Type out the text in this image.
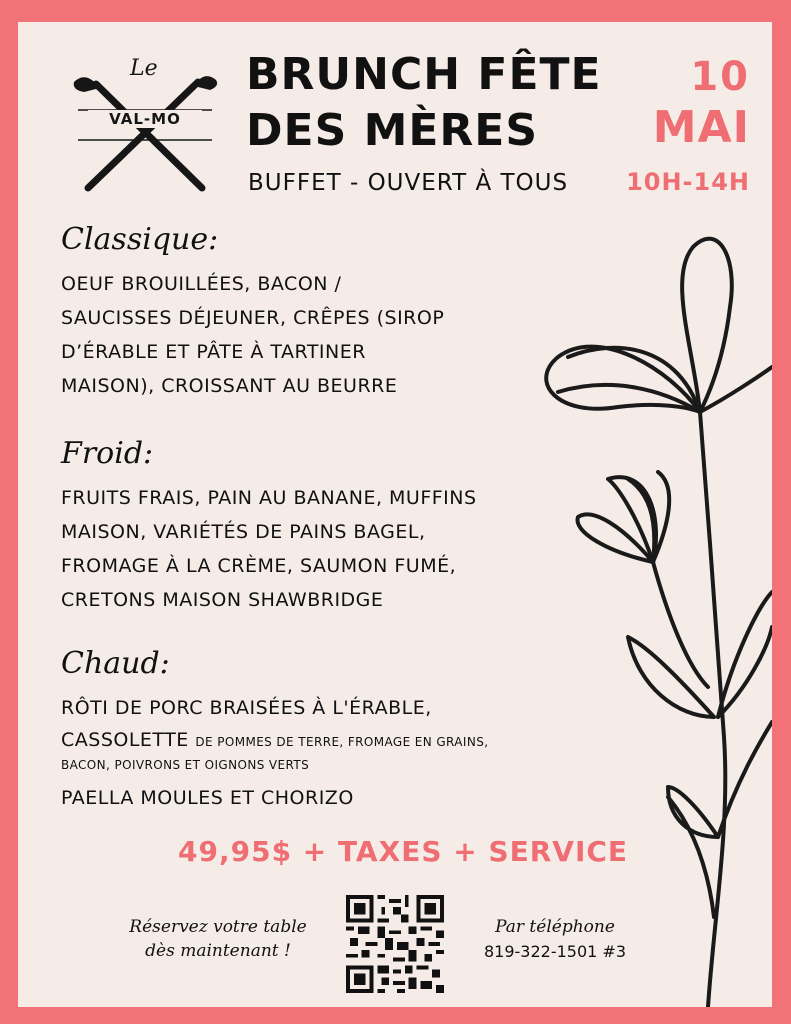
Le
VAL-MO
BRUNCH FÊTE
DES MÈRES
BUFFET - OUVERT À TOUS
10
MAI
10H-14H
Classique:
OEUF BROUILLÉES, BACON /
SAUCISSES DÉJEUNER, CRÊPES (SIROP
D’ÉRABLE ET PÂTE À TARTINER
MAISON), CROISSANT AU BEURRE
Froid:
FRUITS FRAIS, PAIN AU BANANE, MUFFINS
MAISON, VARIÉTÉS DE PAINS BAGEL,
FROMAGE À LA CRÈME, SAUMON FUMÉ,
CRETONS MAISON SHAWBRIDGE
Chaud:
RÔTI DE PORC BRAISÉES À L'ÉRABLE,
CASSOLETTE DE POMMES DE TERRE, FROMAGE EN GRAINS,
BACON, POIVRONS ET OIGNONS VERTS
PAELLA MOULES ET CHORIZO
49,95$ + TAXES + SERVICE
Réservez votre table
dès maintenant !
Par téléphone
819-322-1501 #3
